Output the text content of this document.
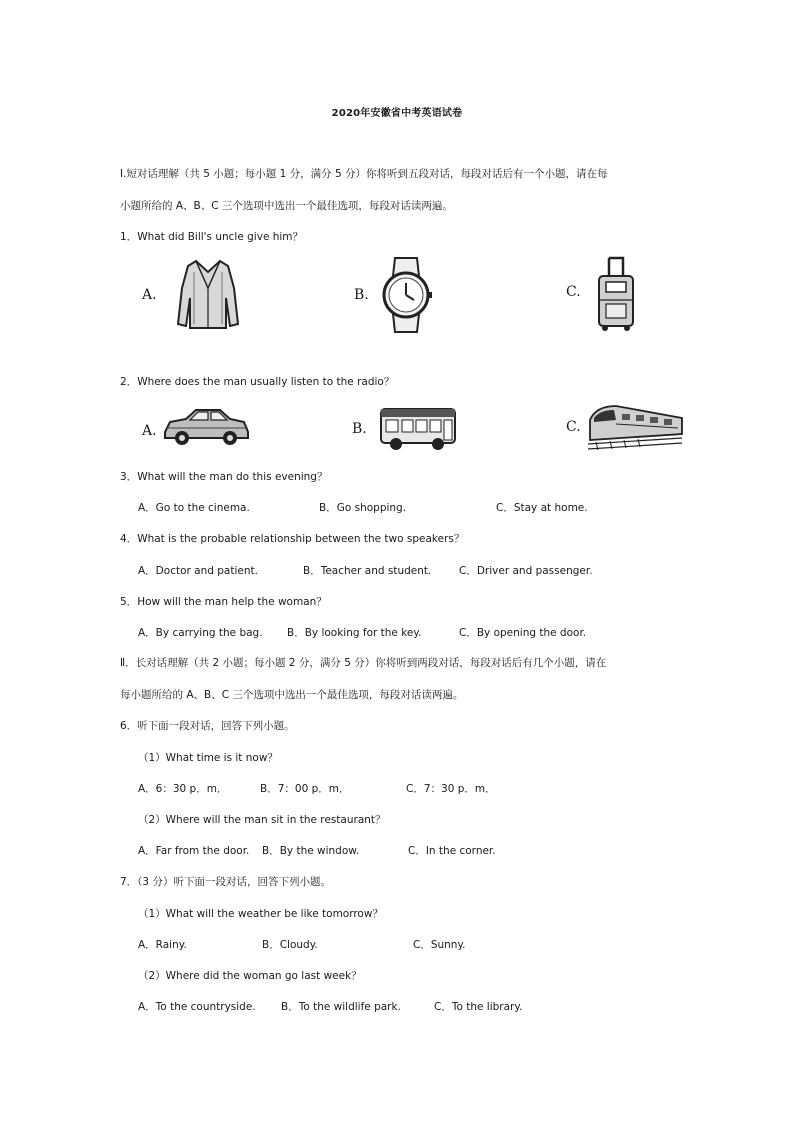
2020年安徽省中考英语试卷
I.短对话理解（共 5 小题；每小题 1 分，满分 5 分）你将听到五段对话，每段对话后有一个小题，请在每
小题所给的 A、B、C 三个选项中选出一个最佳选项，每段对话读两遍。
1．What did Bill's uncle give him？
A.	B.	C.
2．Where does the man usually listen to the radio？
A.	B.	C.
3．What will the man do this evening？
A．Go to the cinema.	B．Go shopping.	C．Stay at home.
4．What is the probable relationship between the two speakers？
A．Doctor and patient.	B．Teacher and student.	C．Driver and passenger.
5．How will the man help the woman？
A．By carrying the bag. B．By looking for the key.	C．By opening the door.
Ⅱ．长对话理解（共 2 小题；每小题 2 分，满分 5 分）你将听到两段对话，每段对话后有几个小题，请在
每小题所给的 A、B、C 三个选项中选出一个最佳选项，每段对话读两遍。
6．听下面一段对话，回答下列小题。
（1）What time is it now？
A．6：30 p．m．	B．7：00 p．m．	C．7：30 p．m．
（2）Where will the man sit in the restaurant？
A．Far from the door. B．By the window.	C．In the corner.
7．（3 分）听下面一段对话，回答下列小题。
（1）What will the weather be like tomorrow？
A．Rainy.	B．Cloudy.	C．Sunny.
（2）Where did the woman go last week？
A．To the countryside. B．To the wildlife park.	C．To the library.
